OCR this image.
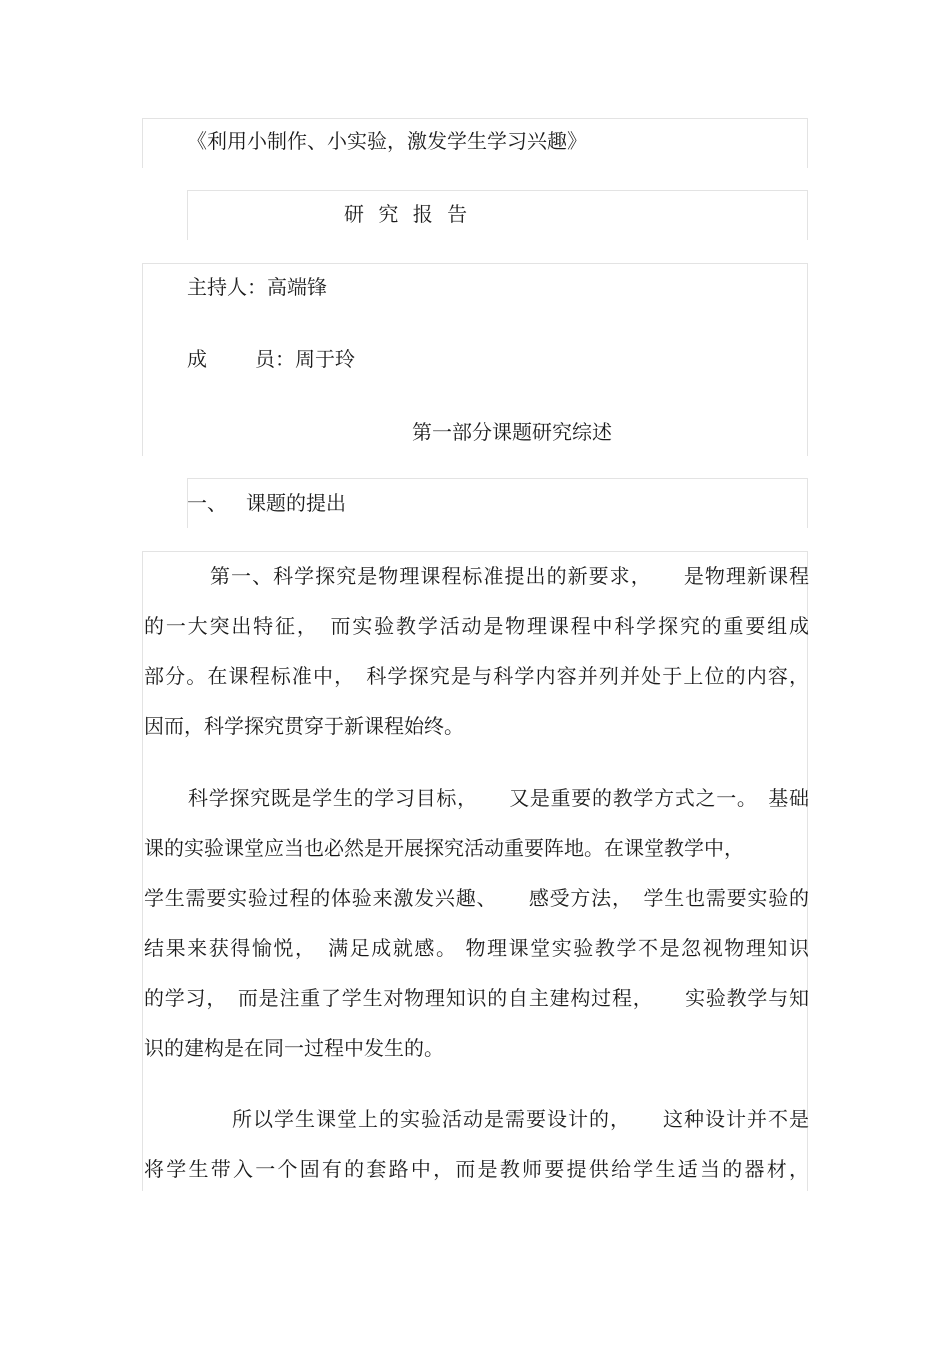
《利用小制作、小实验，激发学生学习兴趣》

研 究 报 告

主持人：高端锋

成 员：周于玲

第一部分课题研究综述

一、 课题的提出

第一、科学探究是物理课程标准提出的新要求，　　是物理新课程
的一大突出特征，　而实验教学活动是物理课程中科学探究的重要组成
部分。在课程标准中，　科学探究是与科学内容并列并处于上位的内容，
因而，科学探究贯穿于新课程始终。
科学探究既是学生的学习目标，　　又是重要的教学方式之一。　基础
课的实验课堂应当也必然是开展探究活动重要阵地。在课堂教学中，
学生需要实验过程的体验来激发兴趣、　　感受方法，　学生也需要实验的
结果来获得愉悦，　满足成就感。 物理课堂实验教学不是忽视物理知识
的学习，　而是注重了学生对物理知识的自主建构过程，　　实验教学与知
识的建构是在同一过程中发生的。
所以学生课堂上的实验活动是需要设计的，　　这种设计并不是
将学生带入一个固有的套路中，而是教师要提供给学生适当的器材，
